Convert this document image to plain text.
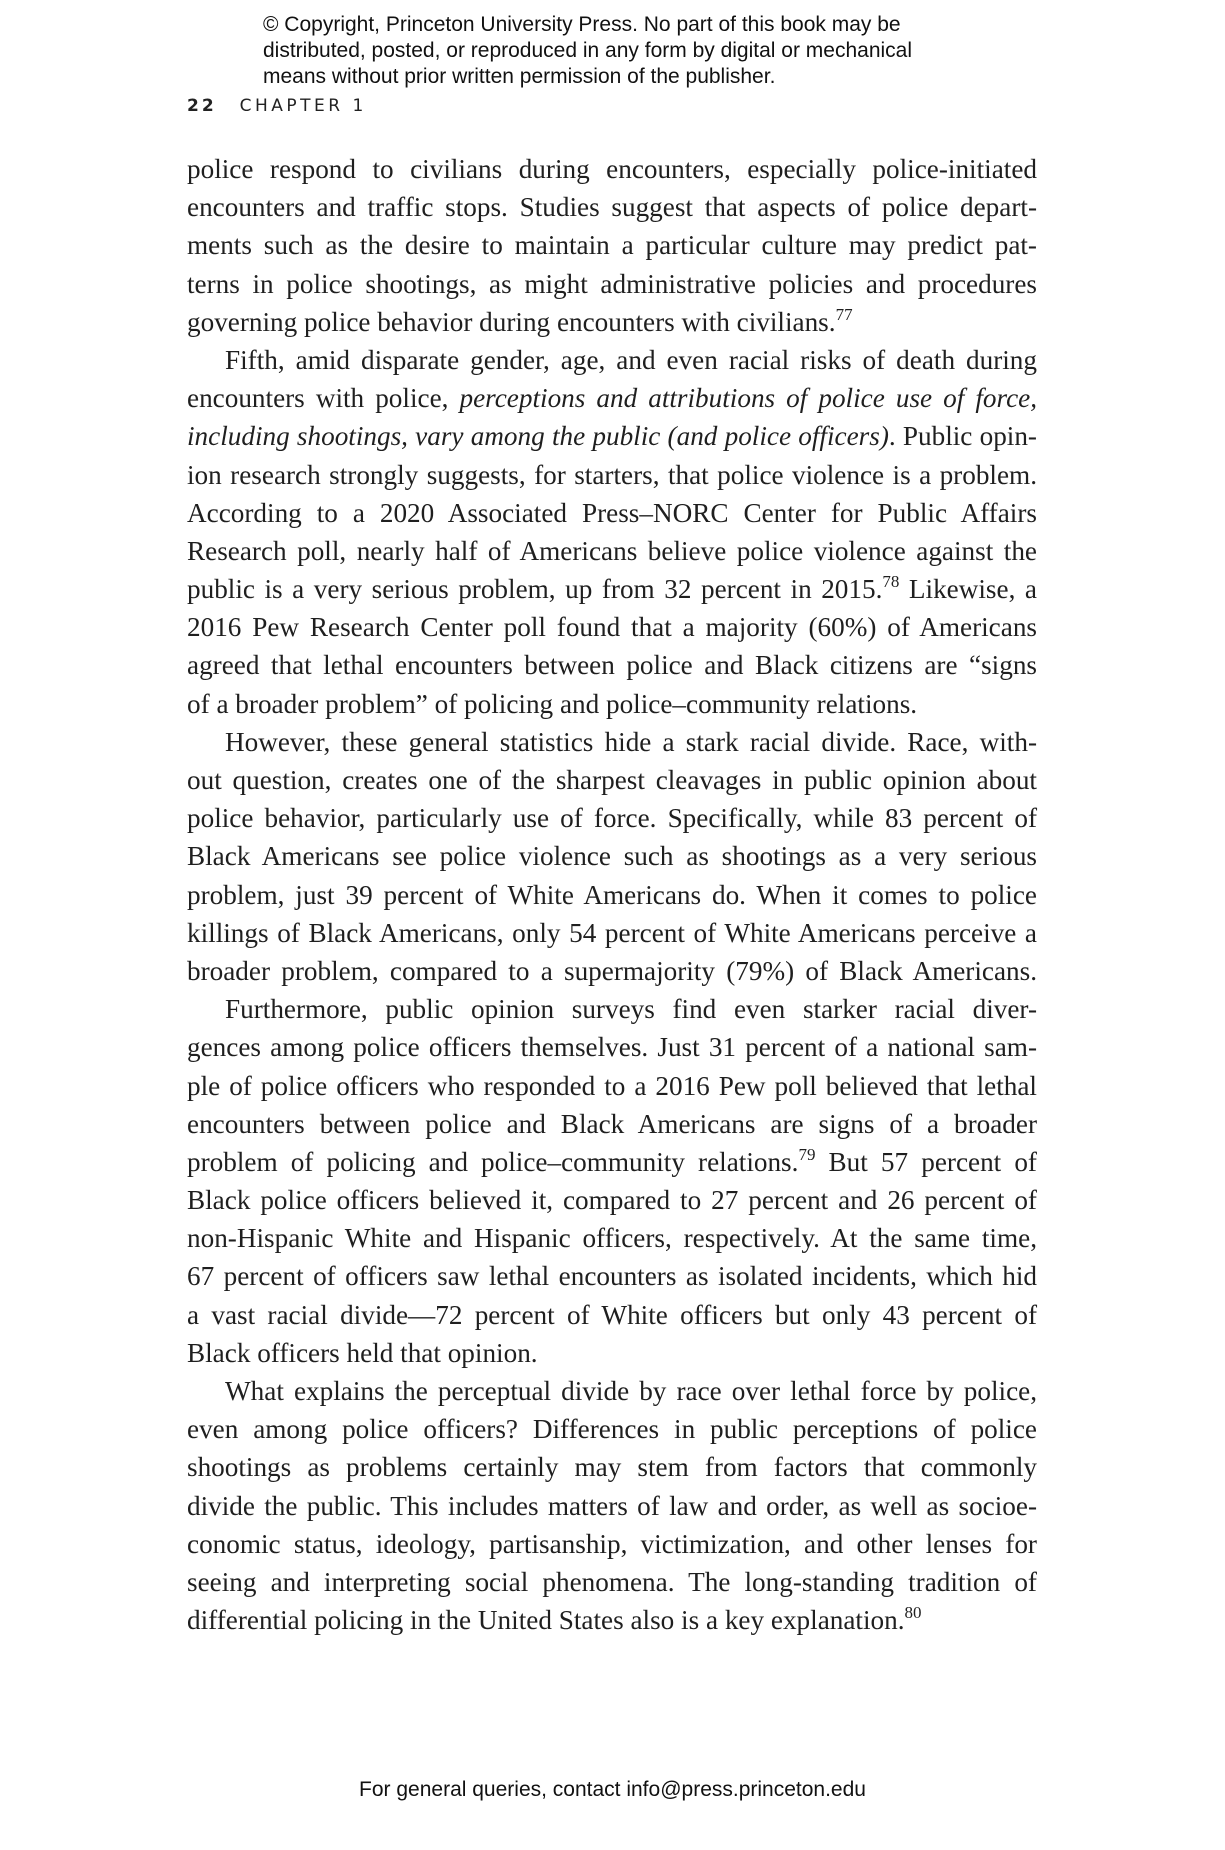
© Copyright, Princeton University Press. No part of this book may be
distributed, posted, or reproduced in any form by digital or mechanical
means without prior written permission of the publisher.
22 CHAPTER 1
police respond to civilians during encounters, especially police-initiated
encounters and traffic stops. Studies suggest that aspects of police depart-
ments such as the desire to maintain a particular culture may predict pat-
terns in police shootings, as might administrative policies and procedures
governing police behavior during encounters with civilians.$^{77}$
Fifth, amid disparate gender, age, and even racial risks of death during
encounters with police, perceptions and attributions of police use of force,
including shootings, vary among the public (and police officers). Public opin-
ion research strongly suggests, for starters, that police violence is a problem.
According to a 2020 Associated Press–NORC Center for Public Affairs
Research poll, nearly half of Americans believe police violence against the
public is a very serious problem, up from 32 percent in 2015.78 Likewise, a
2016 Pew Research Center poll found that a majority (60%) of Americans
agreed that lethal encounters between police and Black citizens are “signs
of a broader problem” of policing and police–community relations.
However, these general statistics hide a stark racial divide. Race, with-
out question, creates one of the sharpest cleavages in public opinion about
police behavior, particularly use of force. Specifically, while 83 percent of
Black Americans see police violence such as shootings as a very serious
problem, just 39 percent of White Americans do. When it comes to police
killings of Black Americans, only 54 percent of White Americans perceive a
broader problem, compared to a supermajority (79%) of Black Americans.
Furthermore, public opinion surveys find even starker racial diver-
gences among police officers themselves. Just 31 percent of a national sam-
ple of police officers who responded to a 2016 Pew poll believed that lethal
encounters between police and Black Americans are signs of a broader
problem of policing and police–community relations.$^{79}$ But 57 percent of
Black police officers believed it, compared to 27 percent and 26 percent of
non-Hispanic White and Hispanic officers, respectively. At the same time,
67 percent of officers saw lethal encounters as isolated incidents, which hid
a vast racial divide—72 percent of White officers but only 43 percent of
Black officers held that opinion.
What explains the perceptual divide by race over lethal force by police,
even among police officers? Differences in public perceptions of police
shootings as problems certainly may stem from factors that commonly
divide the public. This includes matters of law and order, as well as socioe-
conomic status, ideology, partisanship, victimization, and other lenses for
seeing and interpreting social phenomena. The long-standing tradition of
differential policing in the United States also is a key explanation.$^{80}$
For general queries, contact info@press.princeton.edu
